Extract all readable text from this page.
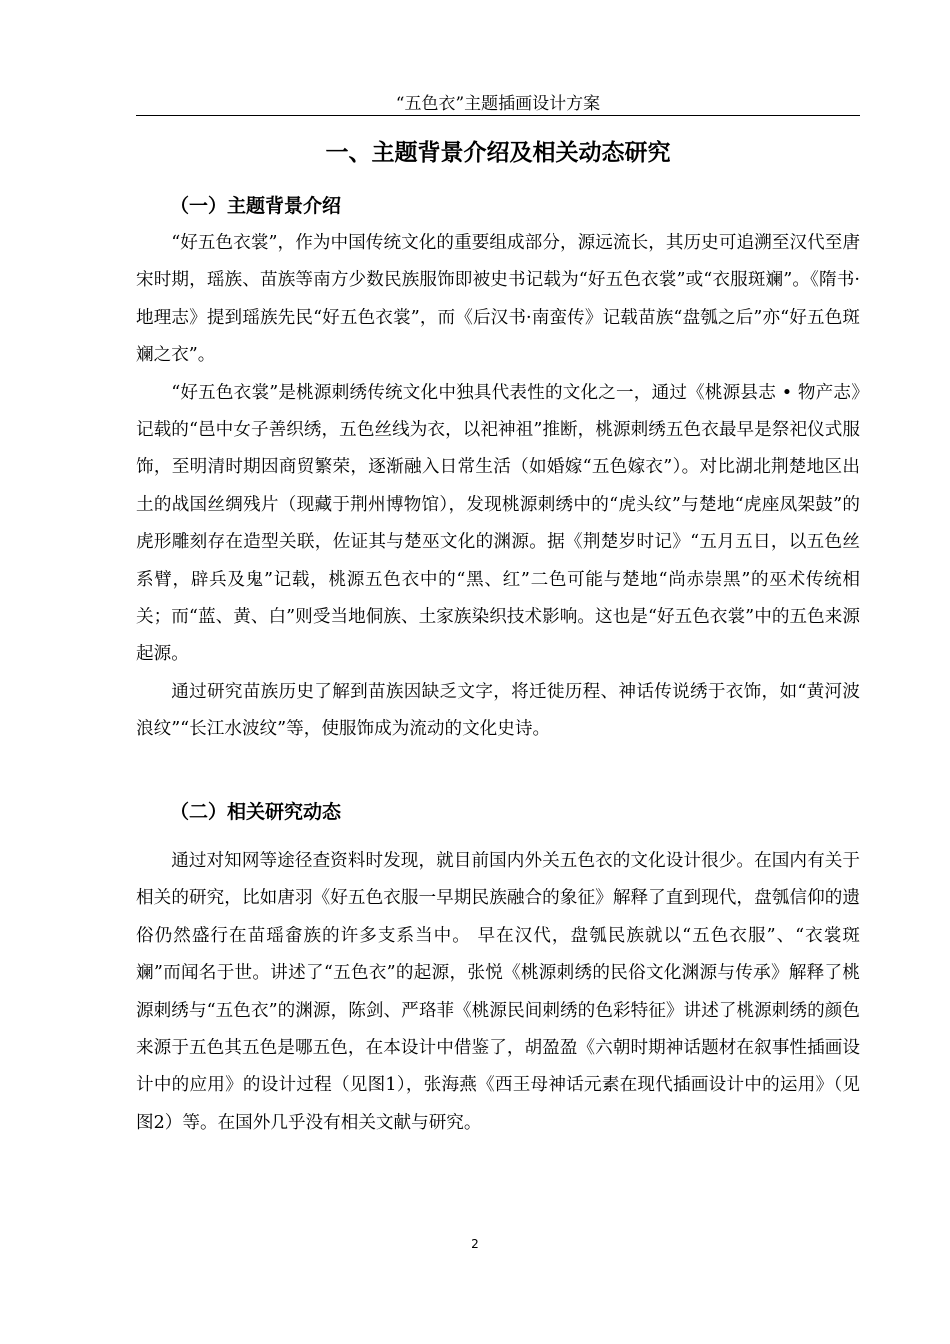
“五色衣”主题插画设计方案
一、主题背景介绍及相关动态研究
（一）主题背景介绍

“好五色衣裳”，作为中国传统文化的重要组成部分，源远流长，其历史可追溯至汉代至唐宋时期，瑶族、苗族等南方少数民族服饰即被史书记载为“好五色衣裳”或“衣服斑斓”。《隋书·地理志》提到瑶族先民“好五色衣裳”，而《后汉书·南蛮传》记载苗族“盘瓠之后”亦“好五色斑斓之衣”。

“好五色衣裳”是桃源刺绣传统文化中独具代表性的文化之一，通过《桃源县志 • 物产志》记载的“邑中女子善织绣，五色丝线为衣，以祀神祖”推断，桃源刺绣五色衣最早是祭祀仪式服饰，至明清时期因商贸繁荣，逐渐融入日常生活（如婚嫁“五色嫁衣”）。对比湖北荆楚地区出土的战国丝绸残片（现藏于荆州博物馆），发现桃源刺绣中的“虎头纹”与楚地“虎座凤架鼓”的虎形雕刻存在造型关联，佐证其与楚巫文化的渊源。据《荆楚岁时记》“五月五日，以五色丝系臂，辟兵及鬼”记载，桃源五色衣中的“黑、红”二色可能与楚地“尚赤崇黑”的巫术传统相关；而“蓝、黄、白”则受当地侗族、土家族染织技术影响。这也是“好五色衣裳”中的五色来源起源。

通过研究苗族历史了解到苗族因缺乏文字，将迁徙历程、神话传说绣于衣饰，如“黄河波浪纹”“长江水波纹”等，使服饰成为流动的文化史诗。

（二）相关研究动态

通过对知网等途径查资料时发现，就目前国内外关五色衣的文化设计很少。在国内有关于相关的研究，比如唐羽《好五色衣服一早期民族融合的象征》解释了直到现代，盘瓠信仰的遗俗仍然盛行在苗瑶畲族的许多支系当中。 早在汉代，盘瓠民族就以“五色衣服”、“衣裳斑斓”而闻名于世。讲述了“五色衣”的起源，张悦《桃源刺绣的民俗文化渊源与传承》解释了桃源刺绣与“五色衣”的渊源，陈剑、严珞菲《桃源民间刺绣的色彩特征》讲述了桃源刺绣的颜色来源于五色其五色是哪五色，在本设计中借鉴了，胡盈盈《六朝时期神话题材在叙事性插画设计中的应用》的设计过程（见图1），张海燕《西王母神话元素在现代插画设计中的运用》（见图2）等。在国外几乎没有相关文献与研究。

2
